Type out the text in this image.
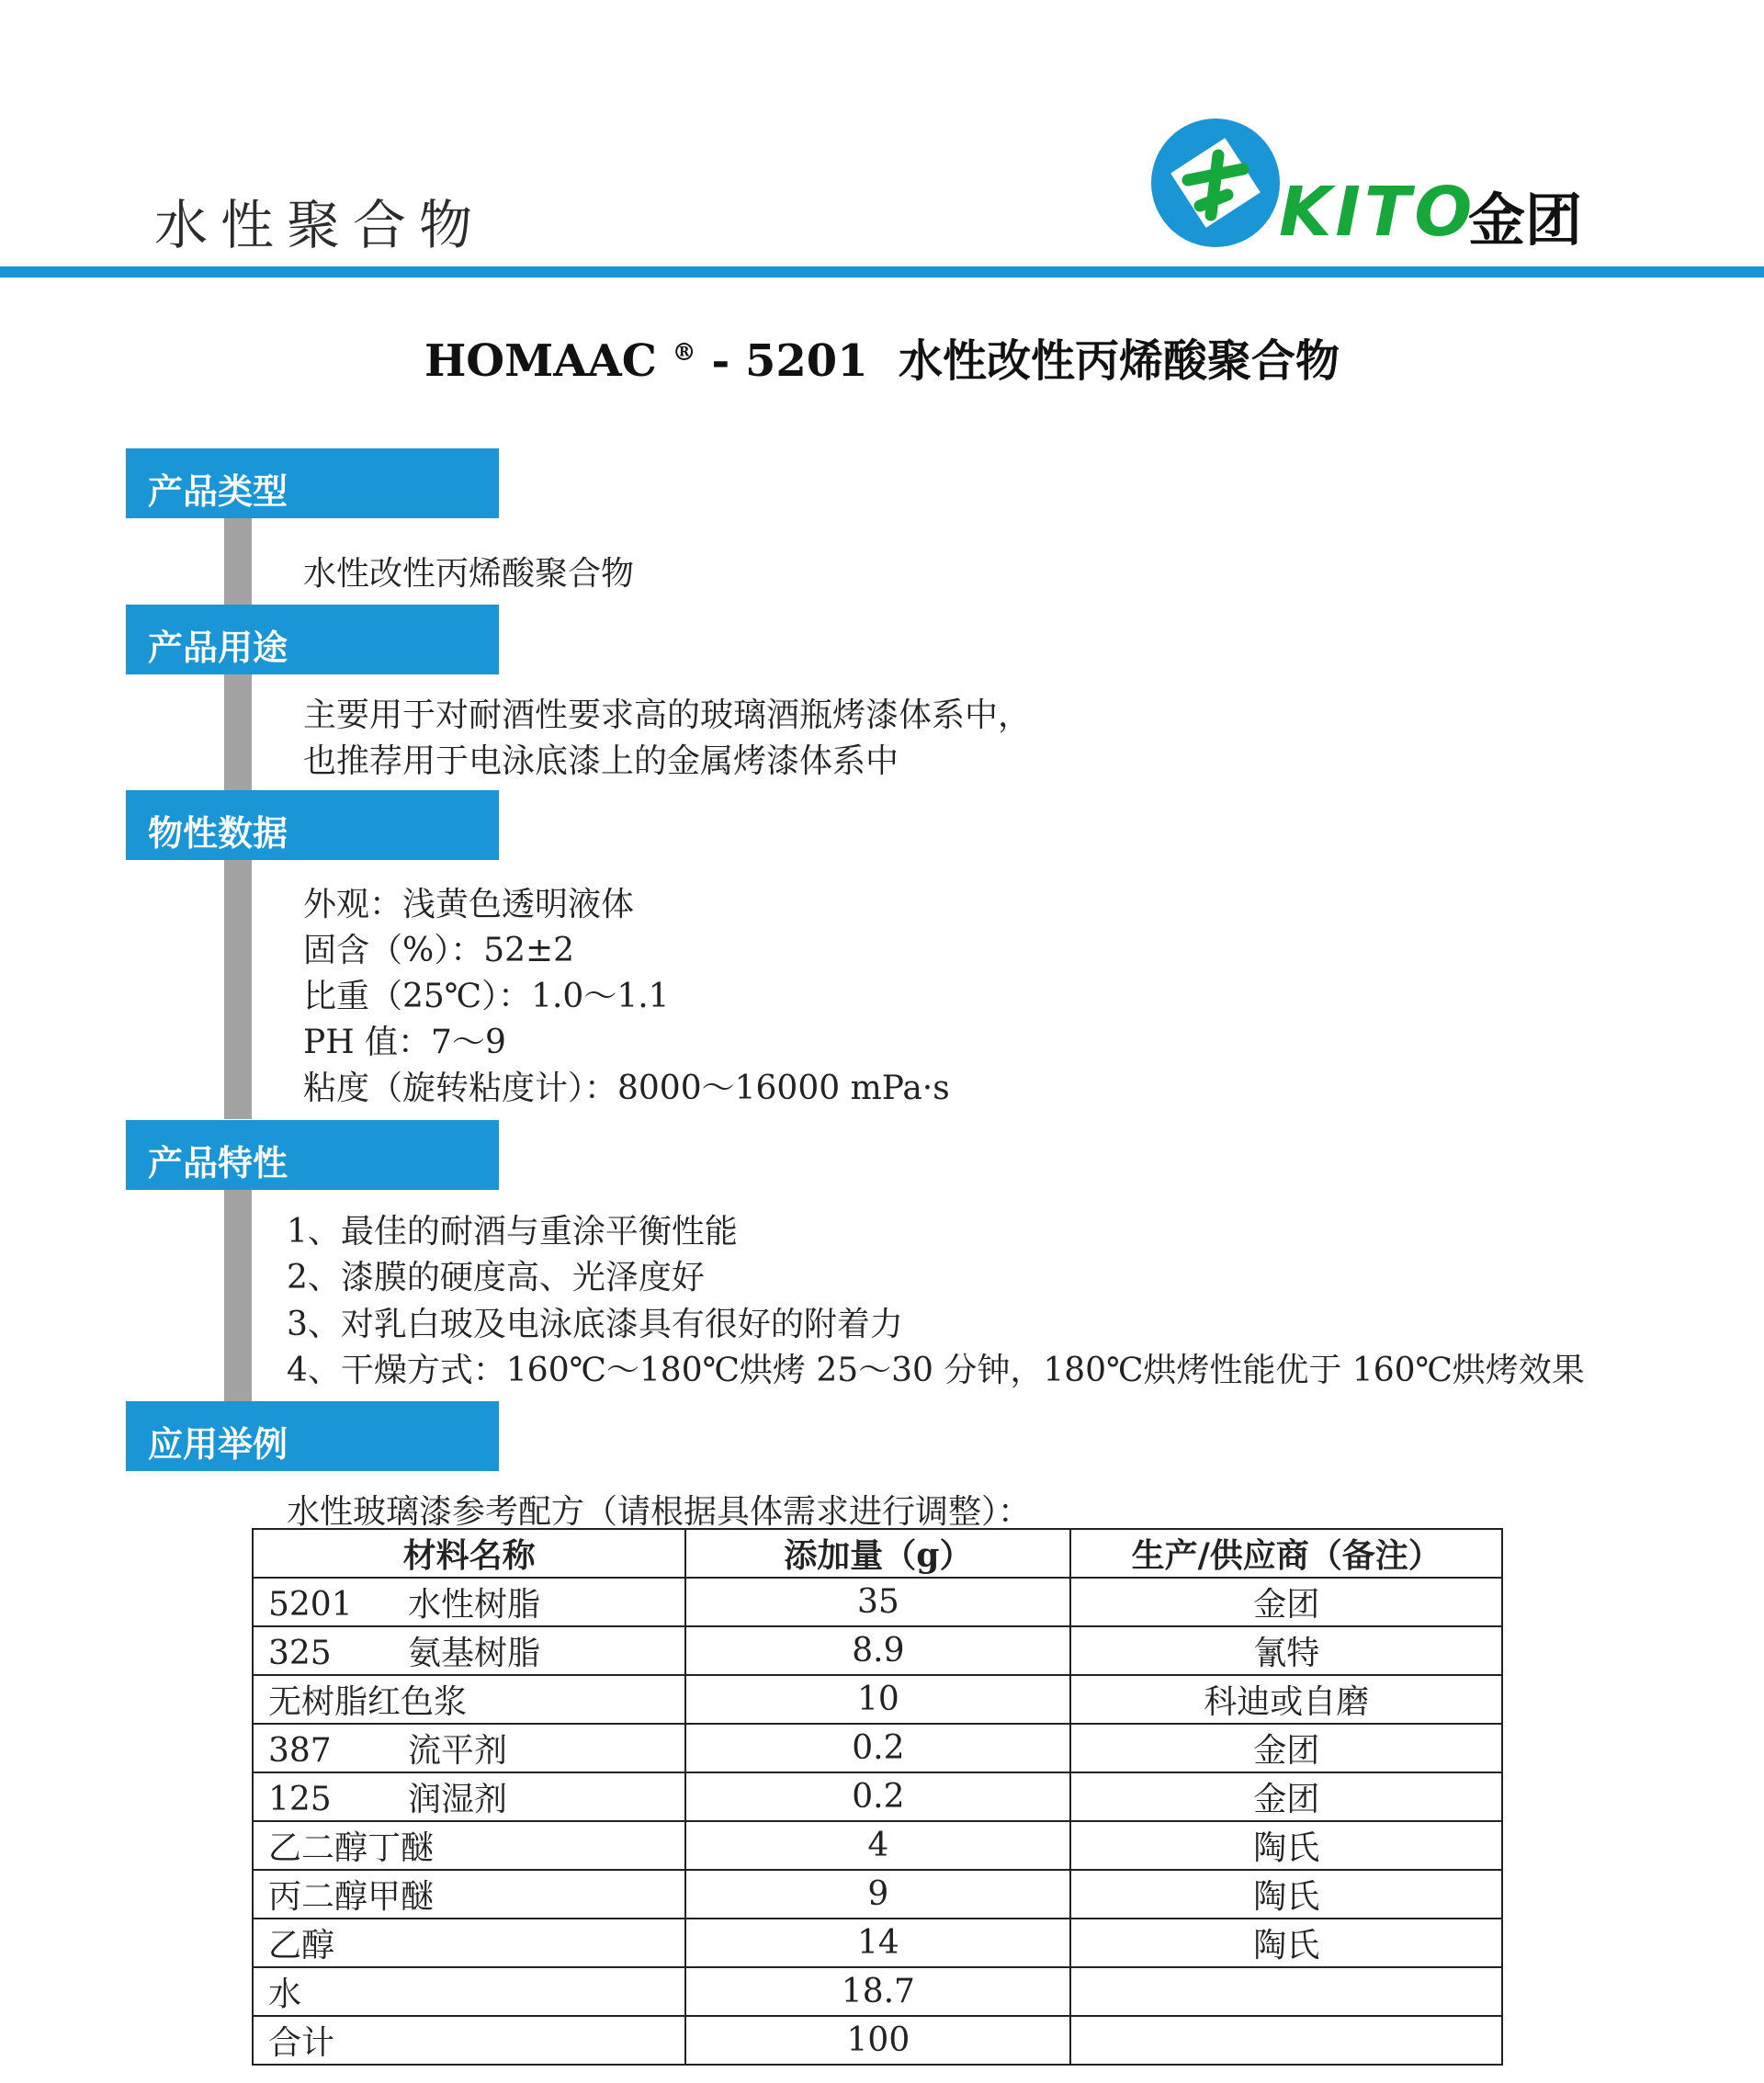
水性聚合物	KITO
金团
HOMAAC ® - 5201 水性改性丙烯酸聚合物
产品类型
水性改性丙烯酸聚合物
产品用途
主要用于对耐酒性要求高的玻璃酒瓶烤漆体系中，
也推荐用于电泳底漆上的金属烤漆体系中
物性数据
外观：浅黄色透明液体
固含（%）：52±2
比重（25℃）：1.0～1.1
PH 值：7～9
粘度（旋转粘度计）：8000～16000 mPa·s
产品特性
1、最佳的耐酒与重涂平衡性能
2、漆膜的硬度高、光泽度好
3、对乳白玻及电泳底漆具有很好的附着力
4、干燥方式：160℃～180℃烘烤 25～30 分钟，180℃烘烤性能优于 160℃烘烤效果
应用举例
水性玻璃漆参考配方（请根据具体需求进行调整）：
材料名称	添加量（g）	生产/供应商（备注）
5201 水性树脂	35	金团
325 氨基树脂	8.9	氰特
无树脂红色浆	10	科迪或自磨
387 流平剂	0.2	金团
125 润湿剂	0.2	金团
乙二醇丁醚	4	陶氏
丙二醇甲醚	9	陶氏
乙醇	14	陶氏
水	18.7	
合计	100	
